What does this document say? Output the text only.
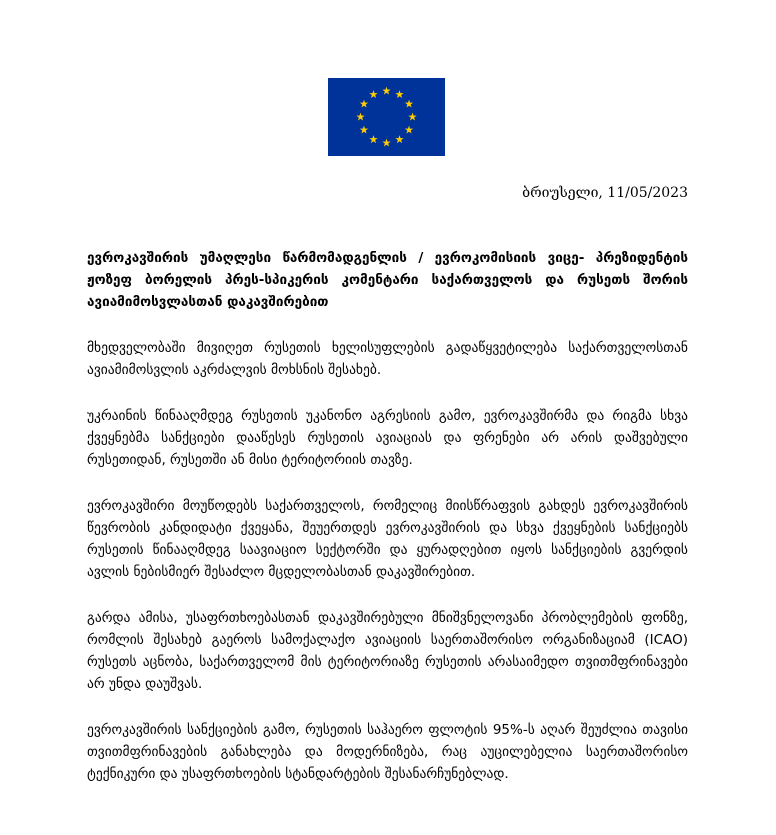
ბრიუსელი, 11/05/2023

ევროკავშირის უმაღლესი წარმომადგენლის / ევროკომისიის ვიცე- პრეზიდენტის ჟოზეფ ბორელის პრეს-სპიკერის კომენტარი საქართველოს და რუსეთს შორის ავიამიმოსვლასთან დაკავშირებით

მხედველობაში მივიღეთ რუსეთის ხელისუფლების გადაწყვეტილება საქართველოსთან ავიამიმოსვლის აკრძალვის მოხსნის შესახებ.

უკრაინის წინააღმდეგ რუსეთის უკანონო აგრესიის გამო, ევროკავშირმა და რიგმა სხვა ქვეყნებმა სანქციები დააწესეს რუსეთის ავიაციას და ფრენები არ არის დაშვებული რუსეთიდან, რუსეთში ან მისი ტერიტორიის თავზე.

ევროკავშირი მოუწოდებს საქართველოს, რომელიც მიისწრაფვის გახდეს ევროკავშირის წევრობის კანდიდატი ქვეყანა, შეუერთდეს ევროკავშირის და სხვა ქვეყნების სანქციებს რუსეთის წინააღმდეგ საავიაციო სექტორში და ყურადღებით იყოს სანქციების გვერდის ავლის ნებისმიერ შესაძლო მცდელობასთან დაკავშირებით.

გარდა ამისა, უსაფრთხოებასთან დაკავშირებული მნიშვნელოვანი პრობლემების ფონზე, რომლის შესახებ გაეროს სამოქალაქო ავიაციის საერთაშორისო ორგანიზაციამ (ICAO) რუსეთს აცნობა, საქართველომ მის ტერიტორიაზე რუსეთის არასაიმედო თვითმფრინავები არ უნდა დაუშვას.

ევროკავშირის სანქციების გამო, რუსეთის საჰაერო ფლოტის 95%-ს აღარ შეუძლია თავისი თვითმფრინავების განახლება და მოდერნიზება, რაც აუცილებელია საერთაშორისო ტექნიკური და უსაფრთხოების სტანდარტების შესანარჩუნებლად.
